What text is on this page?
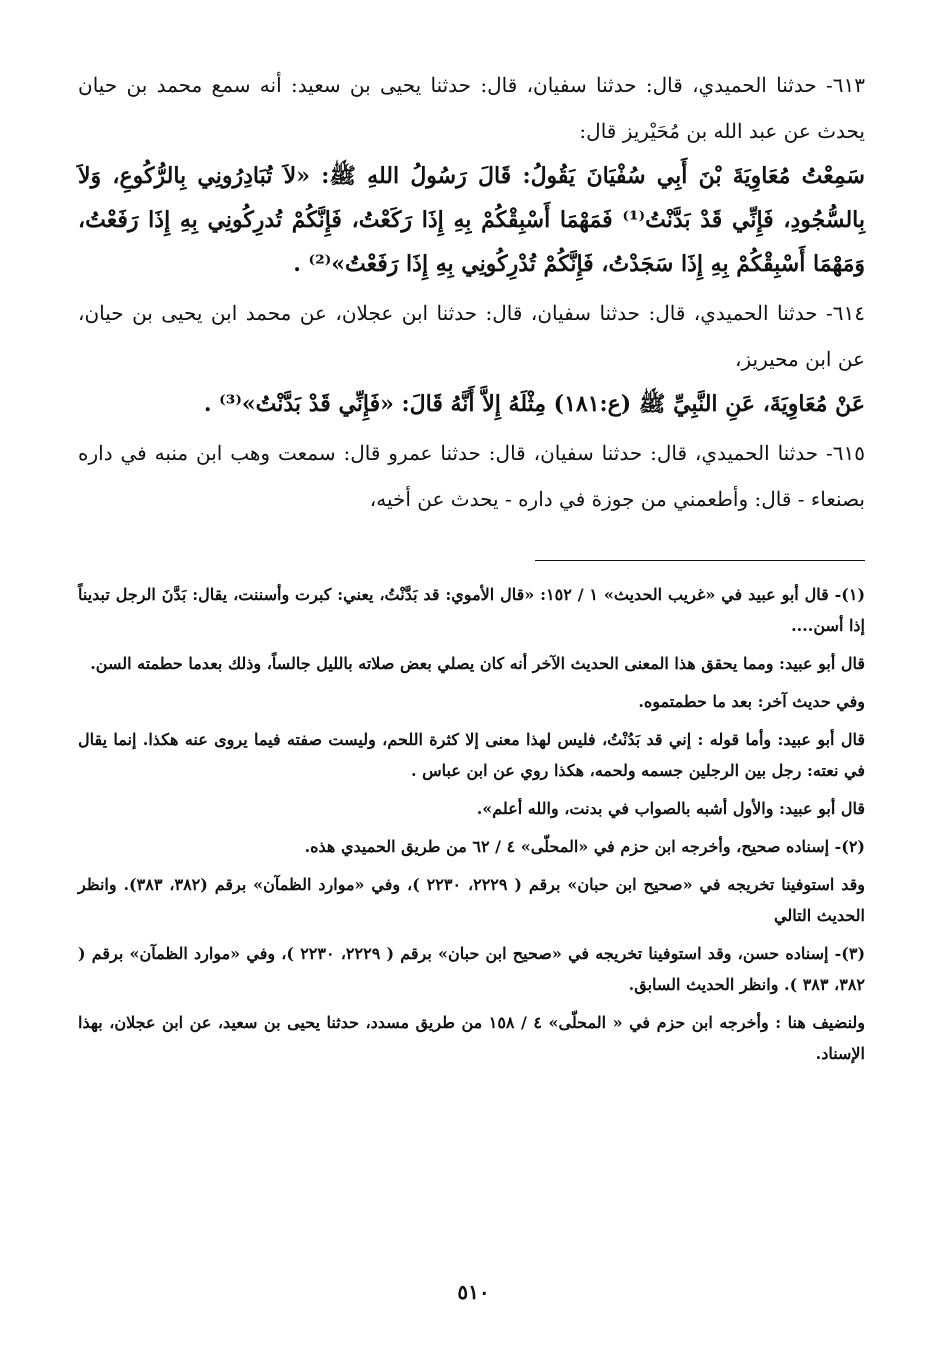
٦١٣- حدثنا الحميدي، قال: حدثنا سفيان، قال: حدثنا يحيى بن سعيد: أنه سمع محمد بن حيان يحدث عن عبد الله بن مُحَيْريز قال:

سَمِعْتُ مُعَاوِيَةَ بْنَ أَبِي سُفْيَانَ يَقُولُ: قَالَ رَسُولُ اللهِ ﷺ: «لاَ تُبَادِرُونِي بِالرُّكُوعِ، وَلاَ بِالسُّجُودِ، فَإِنِّي قَدْ بَدَّنْتُ⁽¹⁾ فَمَهْمَا أَسْبِقْكُمْ بِهِ إِذَا رَكَعْتُ، فَإِنَّكُمْ تُدرِكُونِي بِهِ إِذَا رَفَعْتُ، وَمَهْمَا أَسْبِقْكُمْ بِهِ إِذَا سَجَدْتُ، فَإِنَّكُمْ تُدْرِكُونِي بِهِ إِذَا رَفَعْتُ»⁽²⁾ .

٦١٤- حدثنا الحميدي، قال: حدثنا سفيان، قال: حدثنا ابن عجلان، عن محمد ابن يحيى بن حيان، عن ابن محيريز،

عَنْ مُعَاوِيَةَ، عَنِ النَّبِيِّ ﷺ (ع:١٨١) مِثْلَهُ إِلاَّ أَنَّهُ قَالَ: «فَإِنِّي قَدْ بَدَّنْتُ»⁽³⁾ .

٦١٥- حدثنا الحميدي، قال: حدثنا سفيان، قال: حدثنا عمرو قال: سمعت وهب ابن منبه في داره بصنعاء - قال: وأطعمني من جوزة في داره - يحدث عن أخيه،

(١)- قال أبو عبيد في «غريب الحديث» ١ / ١٥٢: «قال الأموي: قد بَدَّنْتُ، يعني: كبرت وأسننت، يقال: بَدَّنَ الرجل تبديناً إذا أسن....

قال أبو عبيد: ومما يحقق هذا المعنى الحديث الآخر أنه كان يصلي بعض صلاته بالليل جالساً، وذلك بعدما حطمته السن.

وفي حديث آخر: بعد ما حطمتموه.

قال أبو عبيد: وأما قوله : إني قد بَدُنْتُ، فليس لهذا معنى إلا كثرة اللحم، وليست صفته فيما يروى عنه هكذا. إنما يقال في نعته: رجل بين الرجلين جسمه ولحمه، هكذا روي عن ابن عباس .

قال أبو عبيد: والأول أشبه بالصواب في بدنت، والله أعلم».

(٢)- إسناده صحيح، وأخرجه ابن حزم في «المحلّى» ٤ / ٦٢ من طريق الحميدي هذه.

وقد استوفينا تخريجه في «صحيح ابن حبان» برقم ( ٢٢٢٩، ٢٢٣٠ )، وفي «موارد الظمآن» برقم (٣٨٢، ٣٨٣). وانظر الحديث التالي

(٣)- إسناده حسن، وقد استوفينا تخريجه في «صحيح ابن حبان» برقم ( ٢٢٢٩، ٢٢٣٠ )، وفي «موارد الظمآن» برقم ( ٣٨٢، ٣٨٣ ). وانظر الحديث السابق.

ولنضيف هنا : وأخرجه ابن حزم في « المحلّى» ٤ / ١٥٨ من طريق مسدد، حدثنا يحيى بن سعيد، عن ابن عجلان، بهذا الإسناد.

٥١٠
